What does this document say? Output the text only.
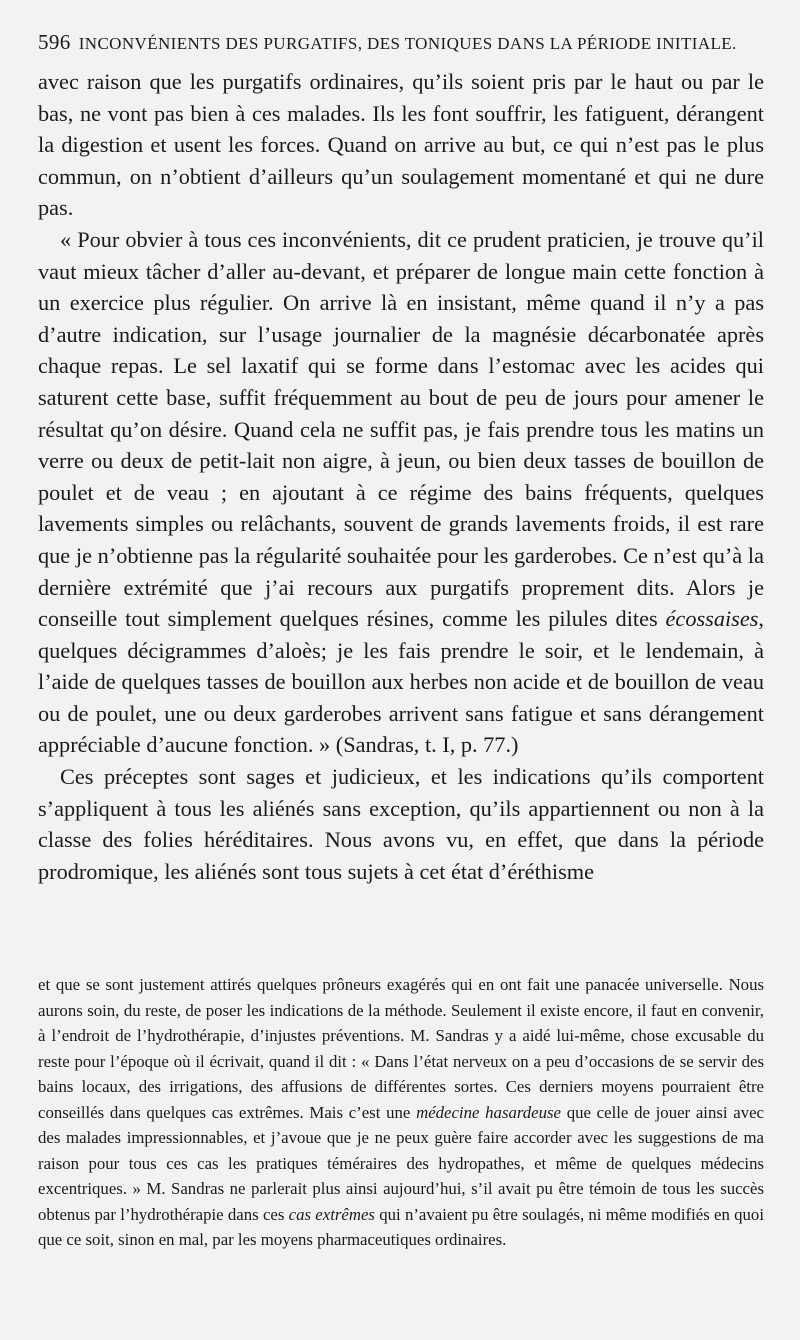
596 INCONVÉNIENTS DES PURGATIFS, DES TONIQUES DANS LA PÉRIODE INITIALE.

avec raison que les purgatifs ordinaires, qu’ils soient pris par le haut ou par le bas, ne vont pas bien à ces malades. Ils les font souffrir, les fatiguent, dérangent la digestion et usent les forces. Quand on arrive au but, ce qui n’est pas le plus commun, on n’obtient d’ailleurs qu’un soulagement momentané et qui ne dure pas.

« Pour obvier à tous ces inconvénients, dit ce prudent praticien, je trouve qu’il vaut mieux tâcher d’aller au-devant, et préparer de longue main cette fonction à un exercice plus régulier. On arrive là en insistant, même quand il n’y a pas d’autre indication, sur l’usage journalier de la magnésie décarbonatée après chaque repas. Le sel laxatif qui se forme dans l’estomac avec les acides qui saturent cette base, suffit fréquemment au bout de peu de jours pour amener le résultat qu’on désire. Quand cela ne suffit pas, je fais prendre tous les matins un verre ou deux de petit-lait non aigre, à jeun, ou bien deux tasses de bouillon de poulet et de veau ; en ajoutant à ce régime des bains fréquents, quelques lavements simples ou relâchants, souvent de grands lavements froids, il est rare que je n’obtienne pas la régularité souhaitée pour les garderobes. Ce n’est qu’à la dernière extrémité que j’ai recours aux purgatifs proprement dits. Alors je conseille tout simplement quelques résines, comme les pilules dites écossaises, quelques décigrammes d’aloès; je les fais prendre le soir, et le lendemain, à l’aide de quelques tasses de bouillon aux herbes non acide et de bouillon de veau ou de poulet, une ou deux garderobes arrivent sans fatigue et sans dérangement appréciable d’aucune fonction. » (Sandras, t. I, p. 77.)

Ces préceptes sont sages et judicieux, et les indications qu’ils comportent s’appliquent à tous les aliénés sans exception, qu’ils appartiennent ou non à la classe des folies héréditaires. Nous avons vu, en effet, que dans la période prodromique, les aliénés sont tous sujets à cet état d’éréthisme

et que se sont justement attirés quelques prôneurs exagérés qui en ont fait une panacée universelle. Nous aurons soin, du reste, de poser les indications de la méthode. Seulement il existe encore, il faut en convenir, à l’endroit de l’hydrothérapie, d’injustes préventions. M. Sandras y a aidé lui-même, chose excusable du reste pour l’époque où il écrivait, quand il dit : « Dans l’état nerveux on a peu d’occasions de se servir des bains locaux, des irrigations, des affusions de différentes sortes. Ces derniers moyens pourraient être conseillés dans quelques cas extrêmes. Mais c’est une médecine hasardeuse que celle de jouer ainsi avec des malades impressionnables, et j’avoue que je ne peux guère faire accorder avec les suggestions de ma raison pour tous ces cas les pratiques téméraires des hydropathes, et même de quelques médecins excentriques. » M. Sandras ne parlerait plus ainsi aujourd’hui, s’il avait pu être témoin de tous les succès obtenus par l’hydrothérapie dans ces cas extrêmes qui n’avaient pu être soulagés, ni même modifiés en quoi que ce soit, sinon en mal, par les moyens pharmaceutiques ordinaires.
